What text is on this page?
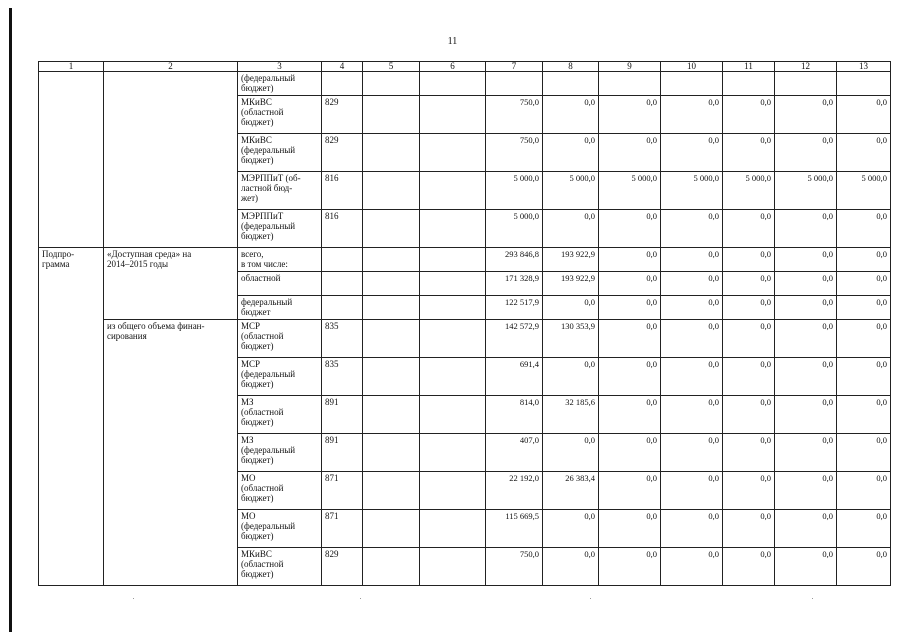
11
1	2	3	4	5	6	7	8	9	10	11	12	13
		(федеральный
бюджет)										
		МКиВС
(областной
бюджет)	829			750,0	0,0	0,0	0,0	0,0	0,0	0,0
		МКиВС
(федеральный
бюджет)	829			750,0	0,0	0,0	0,0	0,0	0,0	0,0
		МЭРППиТ (об-
ластной бюд-
жет)	816			5 000,0	5 000,0	5 000,0	5 000,0	5 000,0	5 000,0	5 000,0
		МЭРППиТ
(федеральный
бюджет)	816			5 000,0	0,0	0,0	0,0	0,0	0,0	0,0
Подпро-
грамма	«Доступная среда» на
2014–2015 годы	всего,
в том числе:				293 846,8	193 922,9	0,0	0,0	0,0	0,0	0,0
		областной				171 328,9	193 922,9	0,0	0,0	0,0	0,0	0,0
		федеральный
бюджет				122 517,9	0,0	0,0	0,0	0,0	0,0	0,0
	из общего объема финан-
сирования	МСР
(областной
бюджет)	835			142 572,9	130 353,9	0,0	0,0	0,0	0,0	0,0
		МСР
(федеральный
бюджет)	835			691,4	0,0	0,0	0,0	0,0	0,0	0,0
		МЗ
(областной
бюджет)	891			814,0	32 185,6	0,0	0,0	0,0	0,0	0,0
		МЗ
(федеральный
бюджет)	891			407,0	0,0	0,0	0,0	0,0	0,0	0,0
		МО
(областной
бюджет)	871			22 192,0	26 383,4	0,0	0,0	0,0	0,0	0,0
		МО
(федеральный
бюджет)	871			115 669,5	0,0	0,0	0,0	0,0	0,0	0,0
		МКиВС
(областной
бюджет)	829			750,0	0,0	0,0	0,0	0,0	0,0	0,0
